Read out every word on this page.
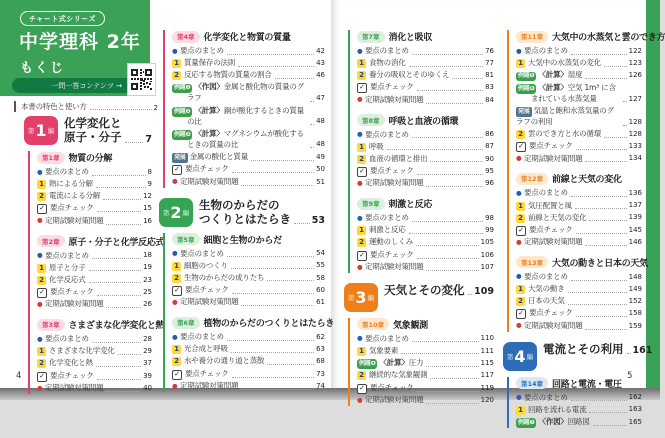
チャート式シリーズ
中学理科 2年
もくじ
一問一答コンテンツ →
本書の特色と使い方	2
第 1 編
化学変化と
原子・分子	7
第1章	物質の分解
● 要点のまとめ	8
1 熱による分解	9
2 電流による分解	12
✓ 要点チェック	15
● 定期試験対策問題	16
第2章	原子・分子と化学反応式
● 要点のまとめ	18
1 原子と分子	19
2 化学反応式	23
✓ 要点チェック	25
● 定期試験対策問題	26
第3章	さまざまな化学変化と熱
● 要点のまとめ	28
1 さまざまな化学変化	29
2 化学変化と熱	37
✓ 要点チェック	39
● 定期試験対策問題	40
第4章	化学変化と物質の質量
● 要点のまとめ	42
1 質量保存の法則	43
2 反応する物質の質量の割合	46
例題❶ 〈作図〉金属と酸化物の質量のグラフ	47
例題❷ 〈計算〉銅が酸化するときの質量の比	48
例題❸ 〈計算〉マグネシウムが酸化するときの質量の比	48
発展 金属の酸化と質量	49
✓ 要点チェック	50
● 定期試験対策問題	51
第 2 編
生物のからだの
つくりとはたらき 53
第5章	細胞と生物のからだ
● 要点のまとめ	54
1 細胞のつくり	55
2 生物のからだの成りたち	58
✓ 要点チェック	60
● 定期試験対策問題	61
第6章	植物のからだのつくりとはたらき
● 要点のまとめ	62
1 光合成と呼吸	63
2 水や養分の通り道と蒸散	68
✓ 要点チェック	73
● 定期試験対策問題	74
第7章	消化と吸収
● 要点のまとめ	76
1 食物の消化	77
2 養分の吸収とそのゆくえ	81
✓ 要点チェック	83
● 定期試験対策問題	84
第8章	呼吸と血液の循環
● 要点のまとめ	86
1 呼吸	87
2 血液の循環と排出	90
✓ 要点チェック	95
● 定期試験対策問題	96
第9章	刺激と反応
● 要点のまとめ	98
1 刺激と反応	99
2 運動のしくみ	105
✓ 要点チェック	106
● 定期試験対策問題	107
第 3 編
天気とその変化 109
第10章	気象観測
● 要点のまとめ	110
1 気象要素	111
例題❹ 〈計算〉圧力	115
2 継続的な気象観測	117
✓ 要点チェック	119
● 定期試験対策問題	120
第11章	大気中の水蒸気と雲のでき方
● 要点のまとめ	122
1 大気中の水蒸気の変化	123
例題❺ 〈計算〉湿度	126
例題❻ 〈計算〉空気 1m³ に含まれている水蒸気量	127
発展 気温と飽和水蒸気量のグラフの利用	128
2 雲のでき方と水の循環	128
✓ 要点チェック	133
● 定期試験対策問題	134
第12章	前線と天気の変化
● 要点のまとめ	136
1 気圧配置と風	137
2 前線と天気の変化	139
✓ 要点チェック	145
● 定期試験対策問題	146
第13章	大気の動きと日本の天気
● 要点のまとめ	148
1 大気の動き	149
2 日本の天気	152
✓ 要点チェック	158
● 定期試験対策問題	159
第 4 編
電流とその利用 161
第14章	回路と電流・電圧
● 要点のまとめ	162
1 回路を流れる電流	163
例題❼ 〈作図〉回路図	165
4	5
